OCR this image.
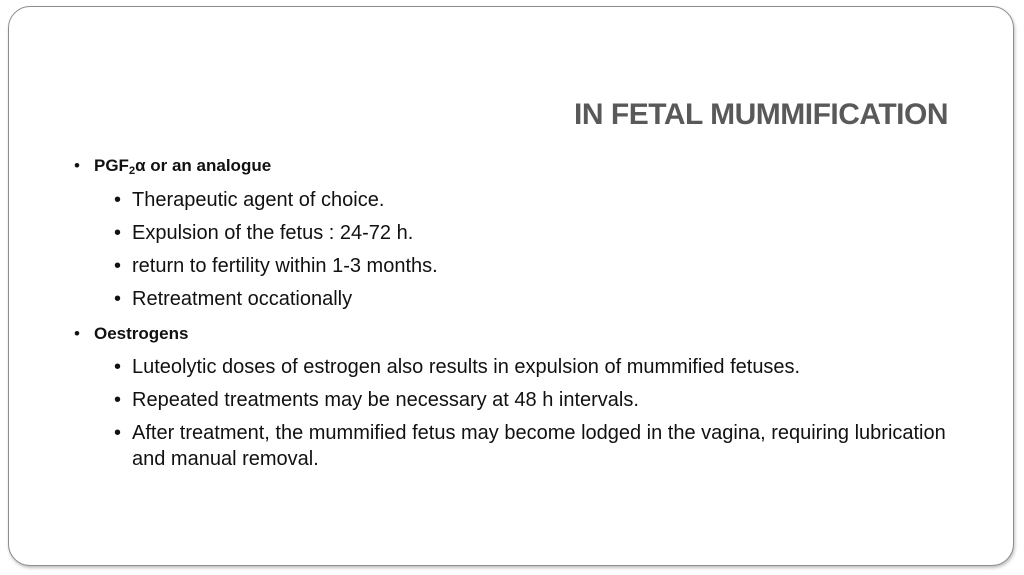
IN FETAL MUMMIFICATION
• $PGF_2\alpha$ or an analogue
• Therapeutic agent of choice.
• Expulsion of the fetus : 24-72 h.
• return to fertility within 1-3 months.
• Retreatment occationally
• Oestrogens
• Luteolytic doses of estrogen also results in expulsion of mummified fetuses.
• Repeated treatments may be necessary at 48 h intervals.
• After treatment, the mummified fetus may become lodged in the vagina, requiring lubrication and manual removal.
